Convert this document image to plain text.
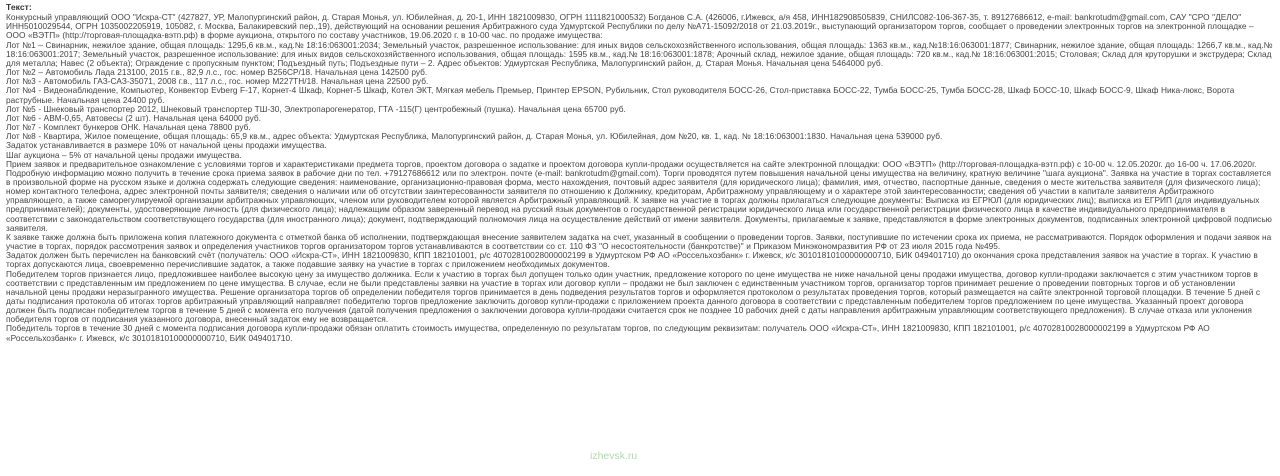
Текст:

Конкурсный управляющий ООО "Искра-СТ" (427827, УР, Малопургинский район, д. Старая Монья, ул. Юбилейная, д. 20-1, ИНН 1821009830, ОГРН 1111821000532) Богданов С.А. (426006, г.Ижевск, а/я 458, ИНН182908505839, СНИЛС082-106-367-35, т. 89127686612, e-mail: bankrotudm@gmail.com, САУ "СРО "ДЕЛО" ИНН5010029544, ОГРН 1035002205919, 105082, г. Москва, Балакиревский пер.,19), действующий на основании решения Арбитражного суда Удмуртской Республики по делу №А71-15092/2018 от 21.03.2019г., выступающий организатором торгов, сообщает о проведении электронных торгов на электронной площадке – ООО «ВЭТП» (http://торговая-площадка-вэтп.рф) в форме аукциона, открытого по составу участников, 19.06.2020 г. в 10-00 час. по продаже имущества:

Лот №1 – Свинарник, нежилое здание, общая площадь: 1295,6 кв.м., кад.№ 18:16:063001:2034; Земельный участок, разрешенное использование: для иных видов сельскохозяйственного использования, общая площадь: 1363 кв.м., кад.№18:16:063001:1877; Свинарник, нежилое здание, общая площадь: 1266,7 кв.м., кад.№ 18:16:063001:2017; Земельный участок, разрешенное использование: для иных видов сельскохозяйственного использования, общая площадь: 1595 кв.м., кад.№ 18:16:063001:1878; Арочный склад, нежилое здание, общая площадь: 720 кв.м., кад.№ 18:16:063001:2015; Столовая; Склад для круторушки и экструдера; Склад для металла; Навес (2 объекта); Ограждение с пропускным пунктом; Подъездный путь; Подъездные пути – 2. Адрес объектов: Удмуртская Республика, Малопургинский район, д. Старая Монья. Начальная цена 5464000 руб.

Лот №2 – Автомобиль Лада 213100, 2015 г.в., 82,9 л.с., гос. номер В256СР/18. Начальная цена 142500 руб.

Лот №3 - Автомобиль ГАЗ-САЗ-35071, 2008 г.в., 117 л.с., гос. номер М227ТН/18. Начальная цена 22500 руб.

Лот №4 - Видеонаблюдение, Компьютер, Конвектор Evberg F-17, Корнет-4 Шкаф, Корнет-5 Шкаф, Котел ЭКТ, Мягкая мебель Премьер, Принтер EPSON, Рубильник, Стол руководителя БОСС-26, Стол-приставка БОСС-22, Тумба БОСС-25, Тумба БОСС-28, Шкаф БОСС-10, Шкаф БОСС-9, Шкаф Ника-люкс, Ворота раструбные. Начальная цена 24400 руб.

Лот №5 - Шнековый транспортер 2012, Шнековый транспортер ТШ-30, Электропарогенератор, ГТА -115(Г) центробежный (пушка). Начальная цена 65700 руб.

Лот №6 - АВМ-0,65, Автовесы (2 шт). Начальная цена 64000 руб.

Лот №7 - Комплект бункеров ОНК. Начальная цена 78800 руб.

Лот №8 - Квартира, Жилое помещение, общая площадь: 65,9 кв.м., адрес объекта: Удмуртская Республика, Малопургинский район, д. Старая Монья, ул. Юбилейная, дом №20, кв. 1, кад. № 18:16:063001:1830. Начальная цена 539000 руб.

Задаток устанавливается в размере 10% от начальной цены продажи имущества.

Шаг аукциона – 5% от начальной цены продажи имущества.

Прием заявок и предварительное ознакомление с условиями торгов и характеристиками предмета торгов, проектом договора о задатке и проектом договора купли-продажи осуществляется на сайте электронной площадки: ООО «ВЭТП» (http://торговая-площадка-вэтп.рф) с 10-00 ч. 12.05.2020г. до 16-00 ч. 17.06.2020г. Подробную информацию можно получить в течение срока приема заявок в рабочие дни по тел. +79127686612 или по электрон. почте (e-mail: bankrotudm@gmail.com). Торги проводятся путем повышения начальной цены имущества на величину, кратную величине "шага аукциона". Заявка на участие в торгах составляется в произвольной форме на русском языке и должна содержать следующие сведения: наименование, организационно-правовая форма, место нахождения, почтовый адрес заявителя (для юридического лица); фамилия, имя, отчество, паспортные данные, сведения о месте жительства заявителя (для физического лица); номер контактного телефона, адрес электронной почты заявителя; сведения о наличии или об отсутствии заинтересованности заявителя по отношению к Должнику, кредиторам, Арбитражному управляющему и о характере этой заинтересованности; сведения об участии в капитале заявителя Арбитражного управляющего, а также саморегулируемой организации арбитражных управляющих, членом или руководителем которой является Арбитражный управляющий. К заявке на участие в торгах должны прилагаться следующие документы: Выписка из ЕГРЮЛ (для юридических лиц); выписка из ЕГРИП (для индивидуальных предпринимателей); документы, удостоверяющие личность (для физического лица); надлежащим образом заверенный перевод на русский язык документов о государственной регистрации юридического лица или государственной регистрации физического лица в качестве индивидуального предпринимателя в соответствии с законодательством соответствующего государства (для иностранного лица); документ, подтверждающий полномочия лица на осуществление действий от имени заявителя. Документы, прилагаемые к заявке, представляются в форме электронных документов, подписанных электронной цифровой подписью заявителя.

К заявке также должна быть приложена копия платежного документа с отметкой банка об исполнении, подтверждающая внесение заявителем задатка на счет, указанный в сообщении о проведении торгов. Заявки, поступившие по истечении срока их приема, не рассматриваются. Порядок оформления и подачи заявок на участие в торгах, порядок рассмотрения заявок и определения участников торгов организатором торгов устанавливаются в соответствии со ст. 110 ФЗ "О несостоятельности (банкротстве)" и Приказом Минэкономразвития РФ от 23 июля 2015 года №495.

Задаток должен быть перечислен на банковский счёт (получатель: ООО «Искра-СТ», ИНН 1821009830, КПП 182101001, р/с 40702810028000002199 в Удмуртском РФ АО «Россельхозбанк» г. Ижевск, к/с 30101810100000000710, БИК 049401710) до окончания срока представления заявок на участие в торгах. К участию в торгах допускаются лица, своевременно перечислившие задаток, а также подавшие заявку на участие в торгах с приложением необходимых документов.

Победителем торгов признается лицо, предложившее наиболее высокую цену за имущество должника. Если к участию в торгах был допущен только один участник, предложение которого по цене имущества не ниже начальной цены продажи имущества, договор купли-продажи заключается с этим участником торгов в соответствии с представленным им предложением по цене имущества. В случае, если не были представлены заявки на участие в торгах или договор купли – продажи не был заключен с единственным участником торгов, организатор торгов принимает решение о проведении повторных торгов и об установлении начальной цены продажи неразыгранного имущества. Решение организатора торгов об определении победителя торгов принимается в день подведения результатов торгов и оформляется протоколом о результатах проведения торгов, который размещается на сайте электронной торговой площадки. В течение 5 дней с даты подписания протокола об итогах торгов арбитражный управляющий направляет победителю торгов предложение заключить договор купли-продажи с приложением проекта данного договора в соответствии с представленным победителем торгов предложением по цене имущества. Указанный проект договора должен быть подписан победителем торгов в течение 5 дней с момента его получения (датой получения предложения о заключении договора купли-продажи считается срок не позднее 10 рабочих дней с даты направления арбитражным управляющим соответствующего предложения). В случае отказа или уклонения победителя торгов от подписания указанного договора, внесенный задаток ему не возвращается.

Победитель торгов в течение 30 дней с момента подписания договора купли-продажи обязан оплатить стоимость имущества, определенную по результатам торгов, по следующим реквизитам: получатель ООО «Искра-СТ», ИНН 1821009830, КПП 182101001, р/с 40702810028000002199 в Удмуртском РФ АО «Россельхозбанк» г. Ижевск, к/с 30101810100000000710, БИК 049401710.

izhevsk.ru
